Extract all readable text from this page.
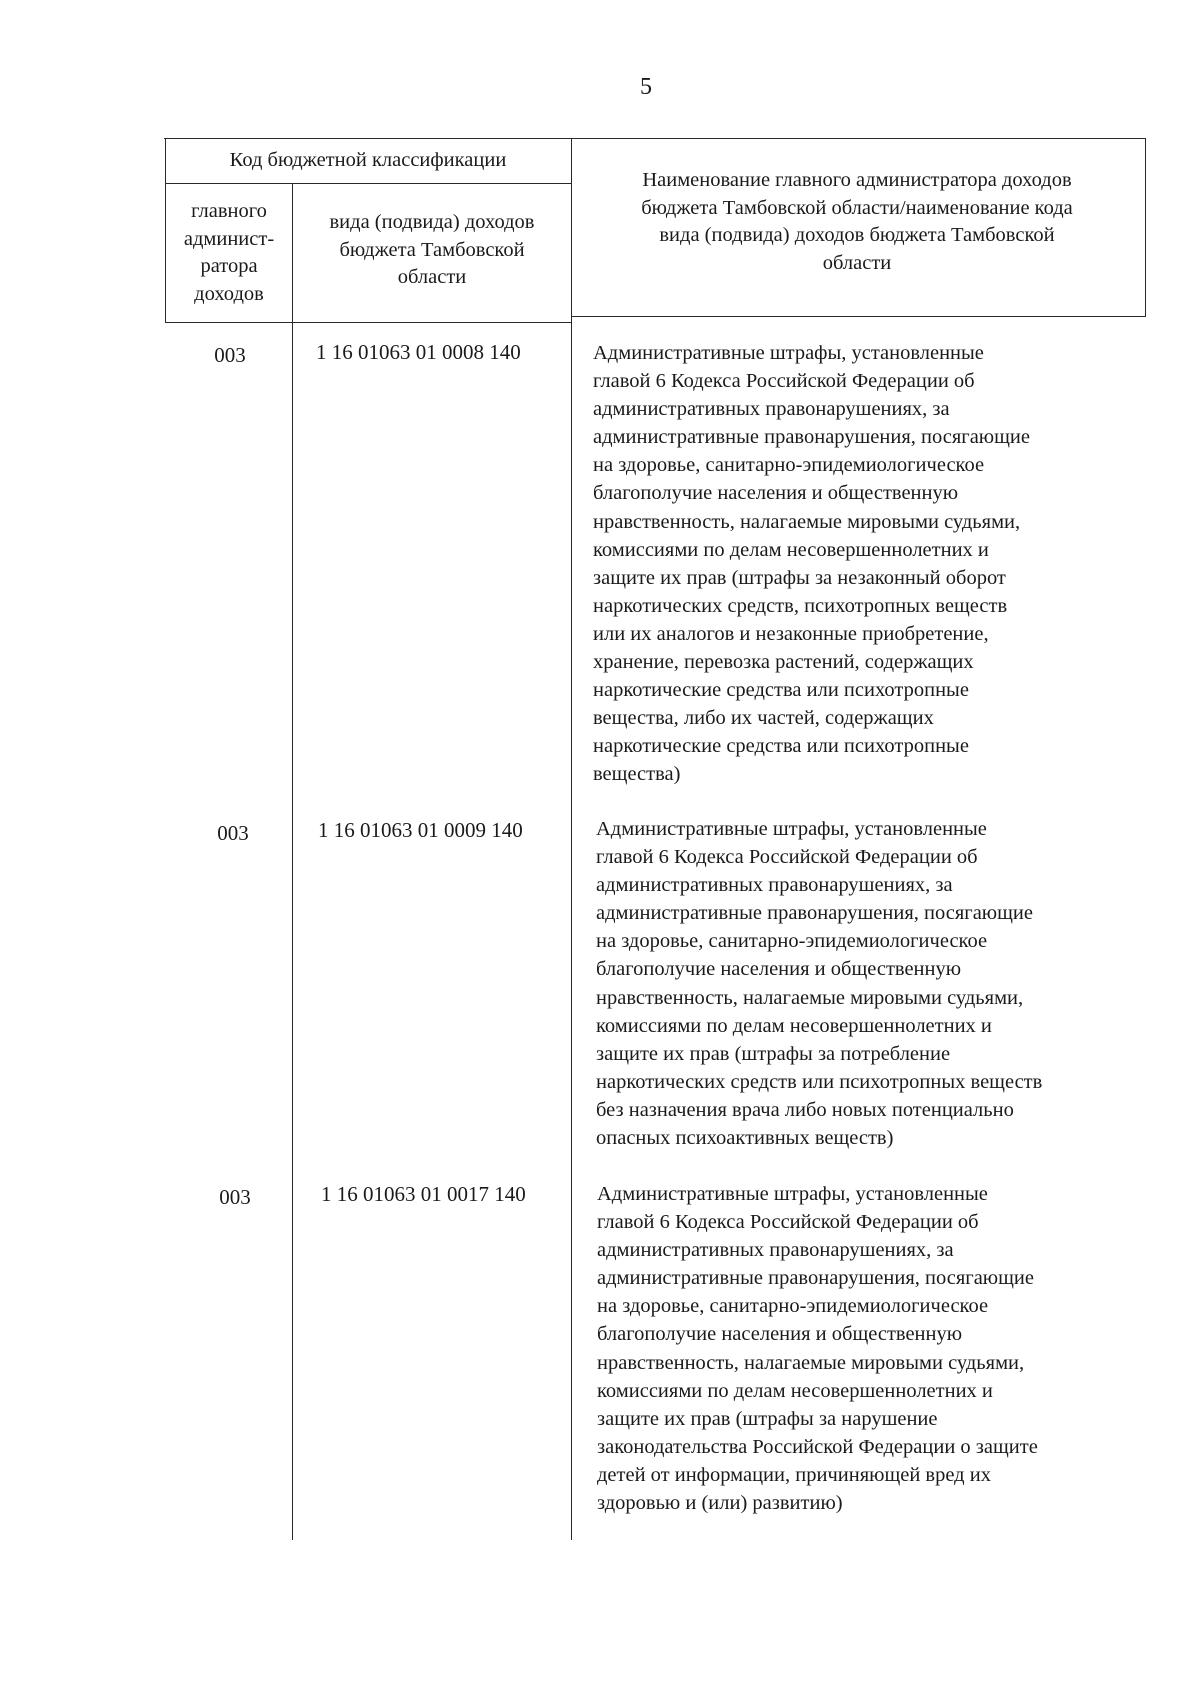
5
Код бюджетной классификации
главного
админист-
ратора
доходов
вида (подвида) доходов
бюджета Тамбовской
области
Наименование главного администратора доходов
бюджета Тамбовской области/наименование кода
вида (подвида) доходов бюджета Тамбовской
области
003	1 16 01063 01 0008 140	Административные штрафы, установленные
главой 6 Кодекса Российской Федерации об
административных правонарушениях, за
административные правонарушения, посягающие
на здоровье, санитарно-эпидемиологическое
благополучие населения и общественную
нравственность, налагаемые мировыми судьями,
комиссиями по делам несовершеннолетних и
защите их прав (штрафы за незаконный оборот
наркотических средств, психотропных веществ
или их аналогов и незаконные приобретение,
хранение, перевозка растений, содержащих
наркотические средства или психотропные
вещества, либо их частей, содержащих
наркотические средства или психотропные
вещества)
003	1 16 01063 01 0009 140	Административные штрафы, установленные
главой 6 Кодекса Российской Федерации об
административных правонарушениях, за
административные правонарушения, посягающие
на здоровье, санитарно-эпидемиологическое
благополучие населения и общественную
нравственность, налагаемые мировыми судьями,
комиссиями по делам несовершеннолетних и
защите их прав (штрафы за потребление
наркотических средств или психотропных веществ
без назначения врача либо новых потенциально
опасных психоактивных веществ)
003	1 16 01063 01 0017 140	Административные штрафы, установленные
главой 6 Кодекса Российской Федерации об
административных правонарушениях, за
административные правонарушения, посягающие
на здоровье, санитарно-эпидемиологическое
благополучие населения и общественную
нравственность, налагаемые мировыми судьями,
комиссиями по делам несовершеннолетних и
защите их прав (штрафы за нарушение
законодательства Российской Федерации о защите
детей от информации, причиняющей вред их
здоровью и (или) развитию)
